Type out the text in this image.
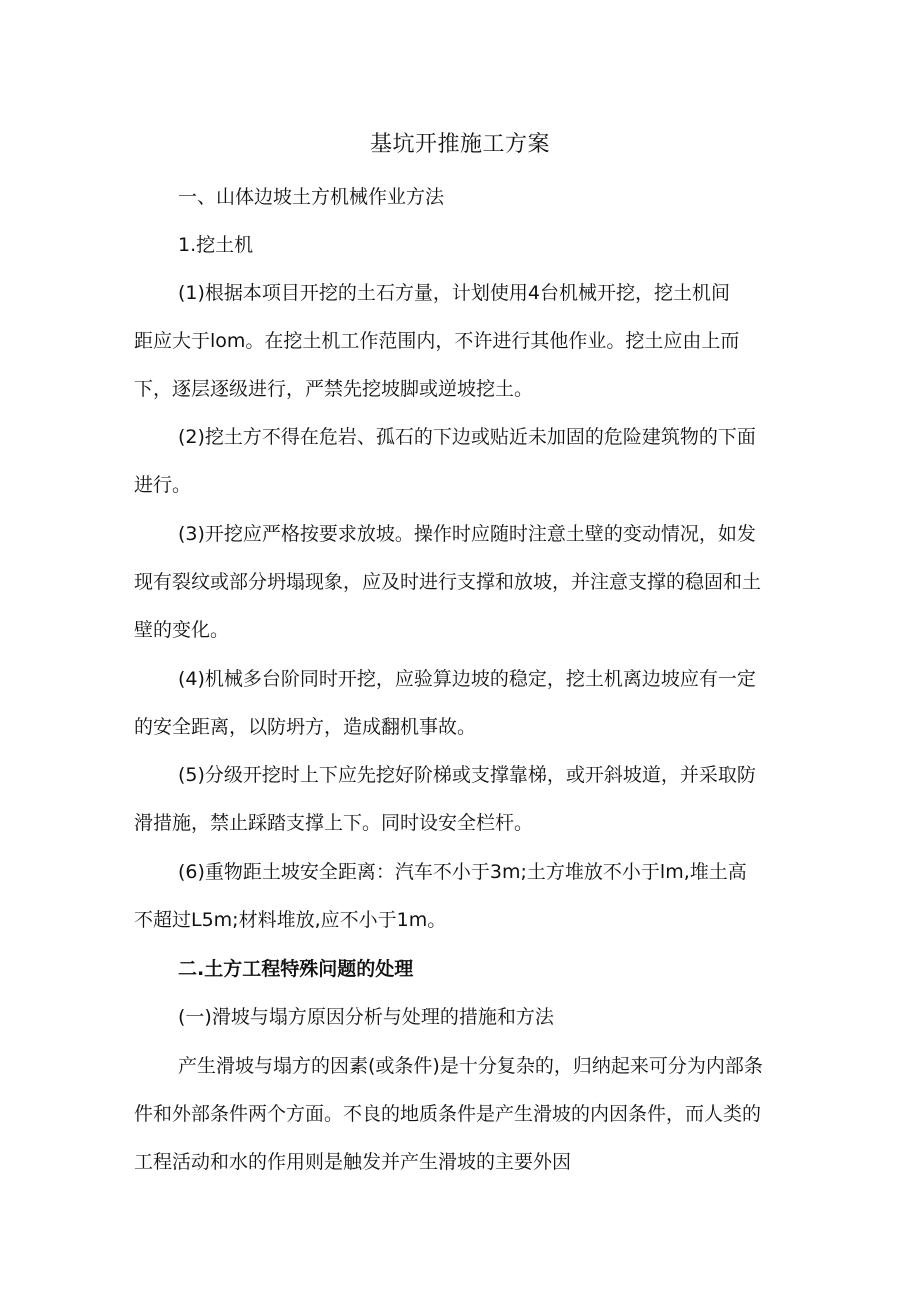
基坑开推施工方案
一、山体边坡土方机械作业方法
1.挖土机
(1)根据本项目开挖的土石方量，计划使用4台机械开挖，挖土机间
距应大于lom。在挖土机工作范围内，不许进行其他作业。挖土应由上而
下，逐层逐级进行，严禁先挖坡脚或逆坡挖土。
(2)挖土方不得在危岩、孤石的下边或贴近未加固的危险建筑物的下面
进行。
(3)开挖应严格按要求放坡。操作时应随时注意土壁的变动情况，如发
现有裂纹或部分坍塌现象，应及时进行支撑和放坡，并注意支撑的稳固和土
壁的变化。
(4)机械多台阶同时开挖，应验算边坡的稳定，挖土机离边坡应有一定
的安全距离，以防坍方，造成翻机事故。
(5)分级开挖时上下应先挖好阶梯或支撑靠梯，或开斜坡道，并采取防
滑措施，禁止踩踏支撑上下。同时设安全栏杆。
(6)重物距土坡安全距离：汽车不小于3m;土方堆放不小于lm,堆土高
不超过L5m;材料堆放,应不小于1m。
二.土方工程特殊问题的处理
(一)滑坡与塌方原因分析与处理的措施和方法
产生滑坡与塌方的因素(或条件)是十分复杂的，归纳起来可分为内部条
件和外部条件两个方面。不良的地质条件是产生滑坡的内因条件，而人类的
工程活动和水的作用则是触发并产生滑坡的主要外因
